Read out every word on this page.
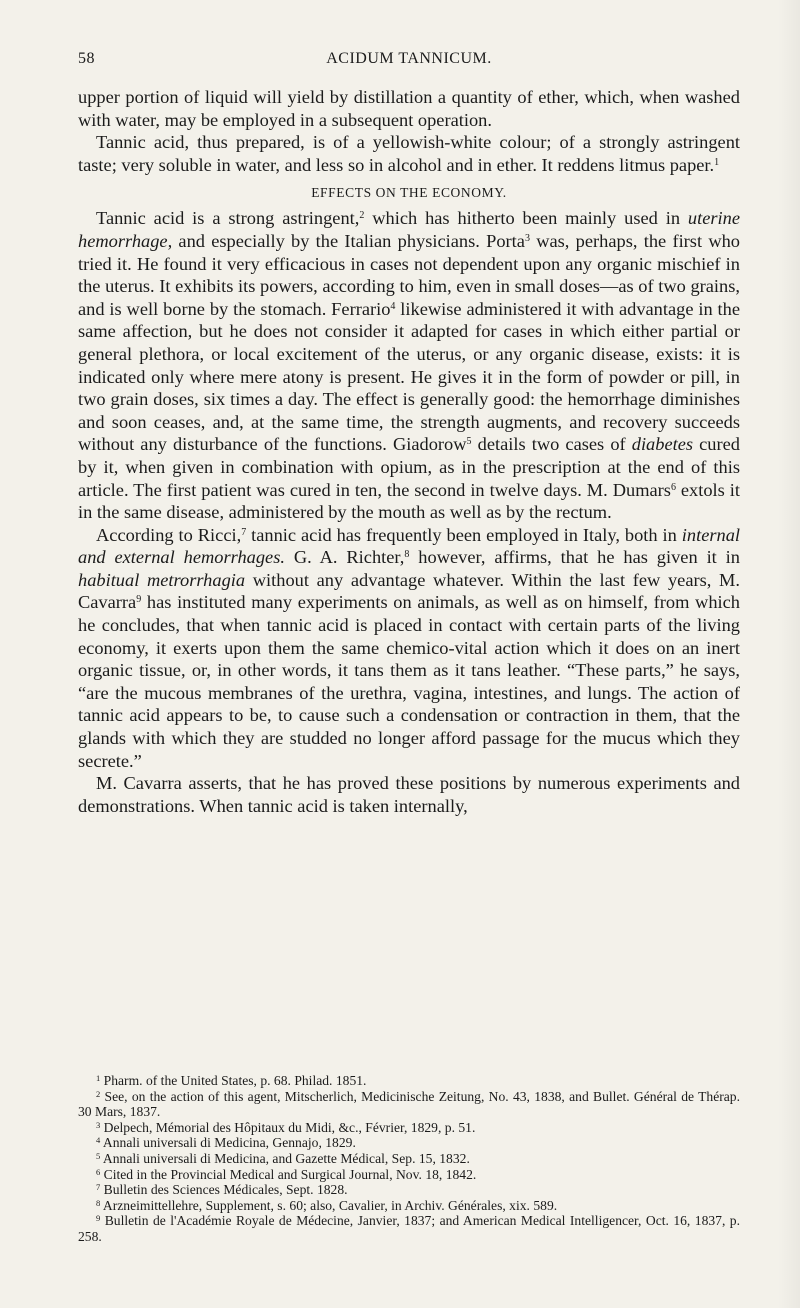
58	ACIDUM TANNICUM.

upper portion of liquid will yield by distillation a quantity of ether, which, when washed with water, may be employed in a subsequent operation.

Tannic acid, thus prepared, is of a yellowish-white colour; of a strongly astringent taste; very soluble in water, and less so in alcohol and in ether. It reddens litmus paper.$^1$

EFFECTS ON THE ECONOMY.

Tannic acid is a strong astringent,$^2$ which has hitherto been mainly used in uterine hemorrhage, and especially by the Italian physicians. Porta$^3$ was, perhaps, the first who tried it. He found it very efficacious in cases not dependent upon any organic mischief in the uterus. It exhibits its powers, according to him, even in small doses—as of two grains, and is well borne by the stomach. Ferrario$^4$ likewise administered it with advantage in the same affection, but he does not consider it adapted for cases in which either partial or general plethora, or local excitement of the uterus, or any organic disease, exists: it is indicated only where mere atony is present. He gives it in the form of powder or pill, in two grain doses, six times a day. The effect is generally good: the hemorrhage diminishes and soon ceases, and, at the same time, the strength augments, and recovery succeeds without any disturbance of the functions. Giadorow$^5$ details two cases of diabetes cured by it, when given in combination with opium, as in the prescription at the end of this article. The first patient was cured in ten, the second in twelve days. M. Dumars$^6$ extols it in the same disease, administered by the mouth as well as by the rectum.

According to Ricci,$^7$ tannic acid has frequently been employed in Italy, both in internal and external hemorrhages. G. A. Richter,$^8$ however, affirms, that he has given it in habitual metrorrhagia without any advantage whatever. Within the last few years, M. Cavarra$^9$ has instituted many experiments on animals, as well as on himself, from which he concludes, that when tannic acid is placed in contact with certain parts of the living economy, it exerts upon them the same chemico-vital action which it does on an inert organic tissue, or, in other words, it tans them as it tans leather. “These parts,” he says, “are the mucous membranes of the urethra, vagina, intestines, and lungs. The action of tannic acid appears to be, to cause such a condensation or contraction in them, that the glands with which they are studded no longer afford passage for the mucus which they secrete.”

M. Cavarra asserts, that he has proved these positions by numerous experiments and demonstrations. When tannic acid is taken internally,

$^1$ Pharm. of the United States, p. 68. Philad. 1851.
$^2$ See, on the action of this agent, Mitscherlich, Medicinische Zeitung, No. 43, 1838, and Bullet. Général de Thérap. 30 Mars, 1837.
$^3$ Delpech, Mémorial des Hôpitaux du Midi, &c., Février, 1829, p. 51.
$^4$ Annali universali di Medicina, Gennajo, 1829.
$^5$ Annali universali di Medicina, and Gazette Médical, Sep. 15, 1832.
$^6$ Cited in the Provincial Medical and Surgical Journal, Nov. 18, 1842.
$^7$ Bulletin des Sciences Médicales, Sept. 1828.
$^8$ Arzneimittellehre, Supplement, s. 60; also, Cavalier, in Archiv. Générales, xix. 589.
$^9$ Bulletin de l'Académie Royale de Médecine, Janvier, 1837; and American Medical Intelligencer, Oct. 16, 1837, p. 258.
